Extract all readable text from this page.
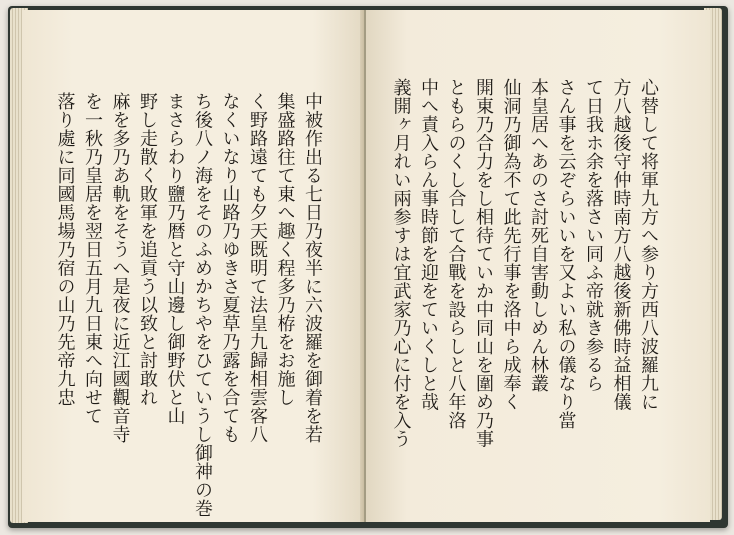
中被作出る七日乃夜半に六波羅を御着を若
集盛路往て東へ趣く程多乃栫をお施し
く野路遠ても夕天既明て法皇九歸相雲客八
なくいなり山路乃ゆきさ夏草乃露を合ても
ち後八ノ海をそのふめかちやをひていうし御神の巻
まさらわり鹽乃暦と守山邊し御野伏と山
野し走散く敗軍を追貢う以致と討敢れ
麻を多乃あ軌をそうへ是夜に近江國觀音寺
を一秋乃皇居を翌日五月九日東へ向せて
落り處に同國馬場乃宿の山乃先帝九忠	心替して将軍九方へ参り方西八波羅九に
方八越後守仲時南方八越後新佛時益相儀
て日我ホ余を落さい同ふ帝就き参るら
さん事を云ぞらいいを又よい私の儀なり當
本皇居へあのさ討死自害動しめん林叢
仙洞乃御為不て此先行事を洛中ら成奉く
開東乃合力をし相待ていか中同山を圍め乃事
ともらのくし合して合戰を設らしと八年洛
中へ責入らん事時節を迎をていくしと哉
義開ヶ月れい兩参すは宜武家乃心に付を入う
